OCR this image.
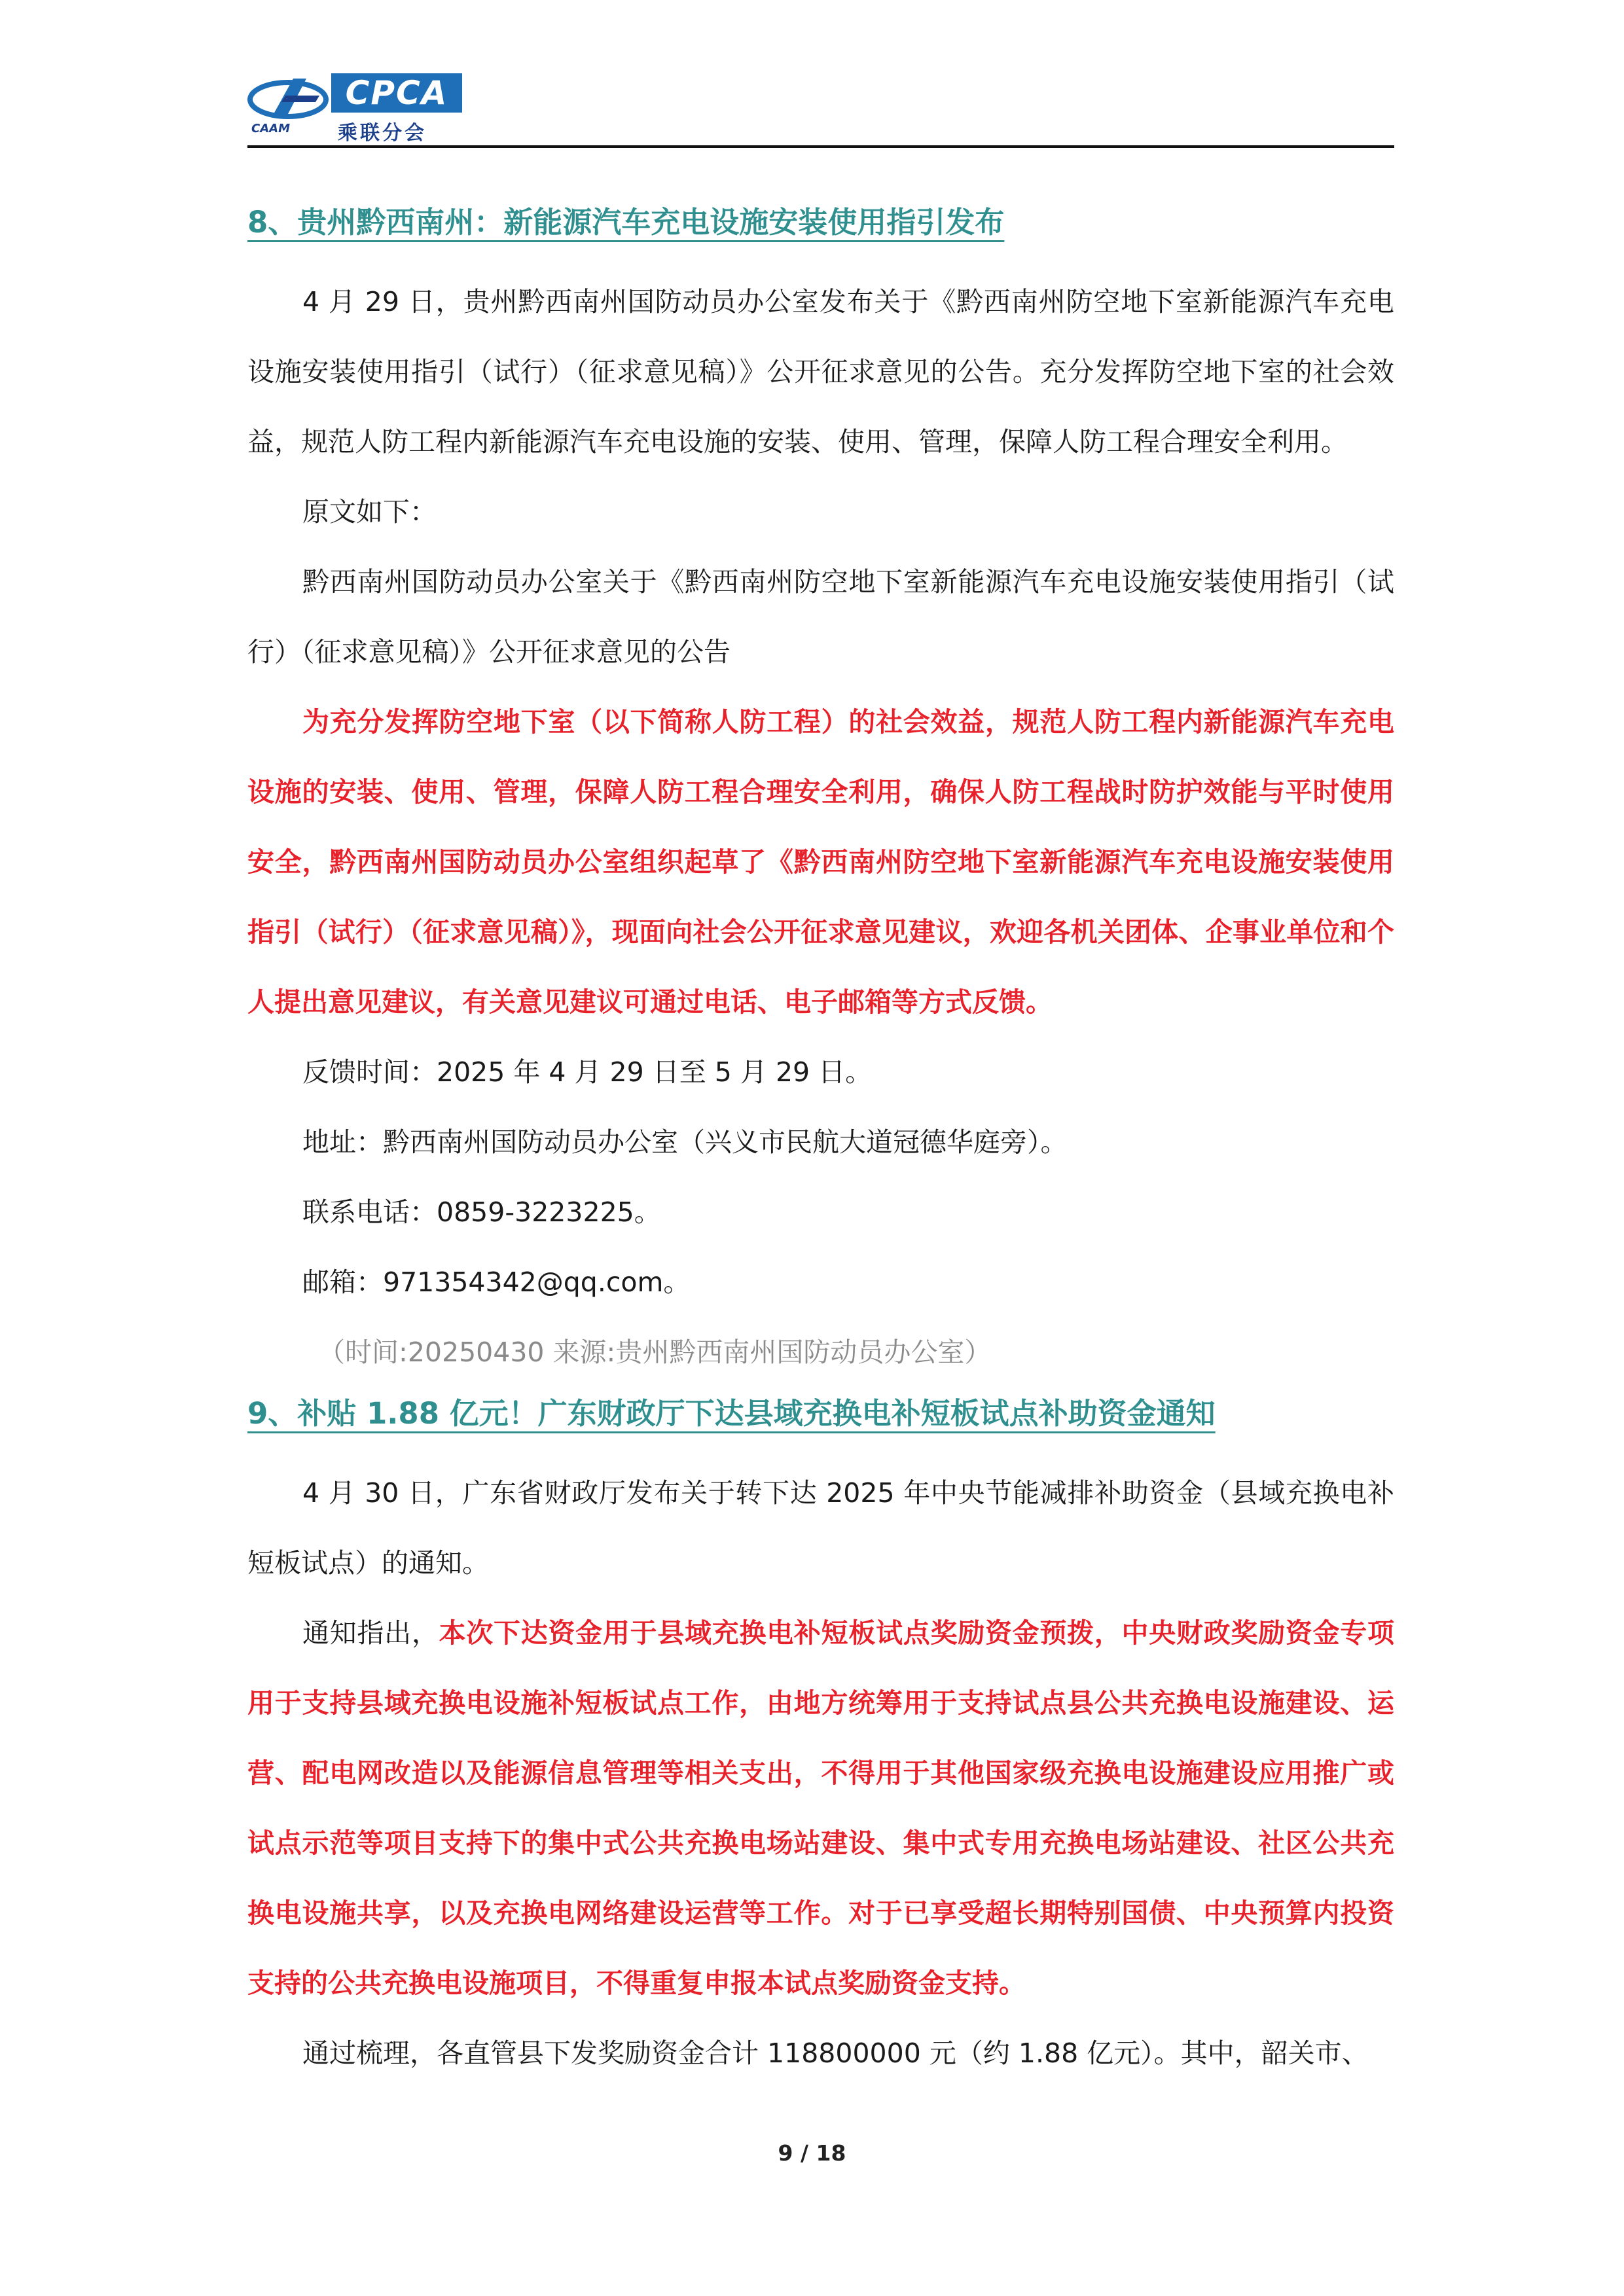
CPCA
乘联分会
CAAM
8、贵州黔西南州：新能源汽车充电设施安装使用指引发布

4 月 29 日，贵州黔西南州国防动员办公室发布关于《黔西南州防空地下室新能源汽车充电设施安装使用指引（试行）（征求意见稿）》公开征求意见的公告。充分发挥防空地下室的社会效益，规范人防工程内新能源汽车充电设施的安装、使用、管理，保障人防工程合理安全利用。

原文如下：

黔西南州国防动员办公室关于《黔西南州防空地下室新能源汽车充电设施安装使用指引（试行）（征求意见稿）》公开征求意见的公告

为充分发挥防空地下室（以下简称人防工程）的社会效益，规范人防工程内新能源汽车充电设施的安装、使用、管理，保障人防工程合理安全利用，确保人防工程战时防护效能与平时使用安全，黔西南州国防动员办公室组织起草了《黔西南州防空地下室新能源汽车充电设施安装使用指引（试行）（征求意见稿）》，现面向社会公开征求意见建议，欢迎各机关团体、企事业单位和个人提出意见建议，有关意见建议可通过电话、电子邮箱等方式反馈。

反馈时间：2025 年 4 月 29 日至 5 月 29 日。

地址：黔西南州国防动员办公室（兴义市民航大道冠德华庭旁）。

联系电话：0859-3223225。

邮箱：971354342@qq.com。

（时间:20250430 来源:贵州黔西南州国防动员办公室）

9、补贴 1.88 亿元！广东财政厅下达县域充换电补短板试点补助资金通知

4 月 30 日，广东省财政厅发布关于转下达 2025 年中央节能减排补助资金（县域充换电补短板试点）的通知。

通知指出，本次下达资金用于县域充换电补短板试点奖励资金预拨，中央财政奖励资金专项用于支持县域充换电设施补短板试点工作，由地方统筹用于支持试点县公共充换电设施建设、运营、配电网改造以及能源信息管理等相关支出，不得用于其他国家级充换电设施建设应用推广或试点示范等项目支持下的集中式公共充换电场站建设、集中式专用充换电场站建设、社区公共充换电设施共享，以及充换电网络建设运营等工作。对于已享受超长期特别国债、中央预算内投资支持的公共充换电设施项目，不得重复申报本试点奖励资金支持。

通过梳理，各直管县下发奖励资金合计 118800000 元（约 1.88 亿元）。其中，韶关市、

9 / 18
